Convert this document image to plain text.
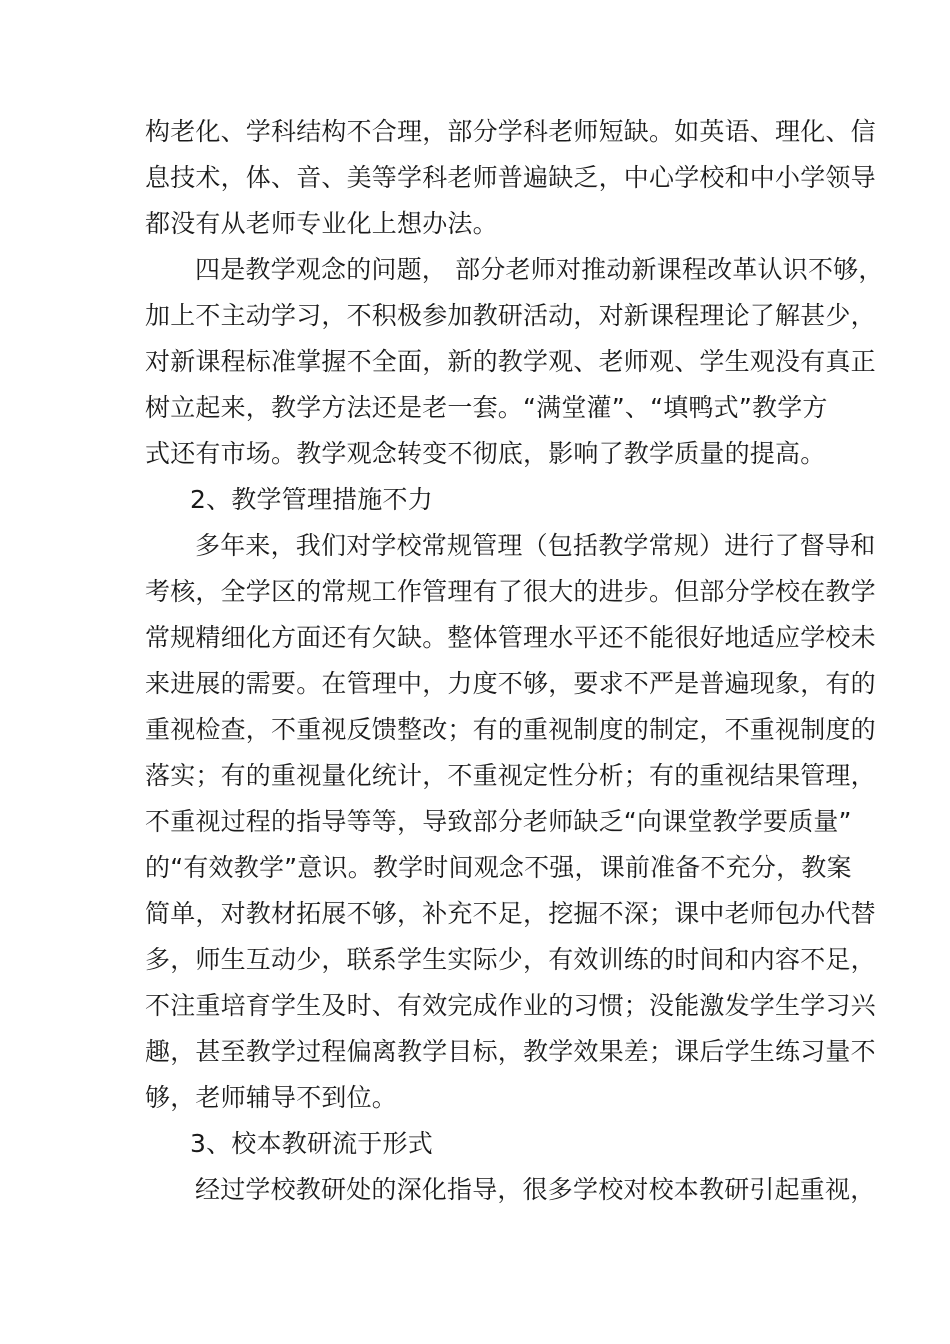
构老化、学科结构不合理，部分学科老师短缺。如英语、理化、信
息技术，体、音、美等学科老师普遍缺乏，中心学校和中小学领导
都没有从老师专业化上想办法。
四是教学观念的问题， 部分老师对推动新课程改革认识不够，
加上不主动学习，不积极参加教研活动，对新课程理论了解甚少，
对新课程标准掌握不全面，新的教学观、老师观、学生观没有真正
树立起来，教学方法还是老一套。“满堂灌”、“填鸭式”教学方
式还有市场。教学观念转变不彻底，影响了教学质量的提高。
2、教学管理措施不力
多年来，我们对学校常规管理（包括教学常规）进行了督导和
考核，全学区的常规工作管理有了很大的进步。但部分学校在教学
常规精细化方面还有欠缺。整体管理水平还不能很好地适应学校未
来进展的需要。在管理中，力度不够，要求不严是普遍现象，有的
重视检查，不重视反馈整改；有的重视制度的制定，不重视制度的
落实；有的重视量化统计，不重视定性分析；有的重视结果管理，
不重视过程的指导等等，导致部分老师缺乏“向课堂教学要质量”
的“有效教学”意识。教学时间观念不强，课前准备不充分，教案
简单，对教材拓展不够，补充不足，挖掘不深；课中老师包办代替
多，师生互动少，联系学生实际少，有效训练的时间和内容不足，
不注重培育学生及时、有效完成作业的习惯；没能激发学生学习兴
趣，甚至教学过程偏离教学目标，教学效果差；课后学生练习量不
够，老师辅导不到位。
3、校本教研流于形式
经过学校教研处的深化指导，很多学校对校本教研引起重视，
